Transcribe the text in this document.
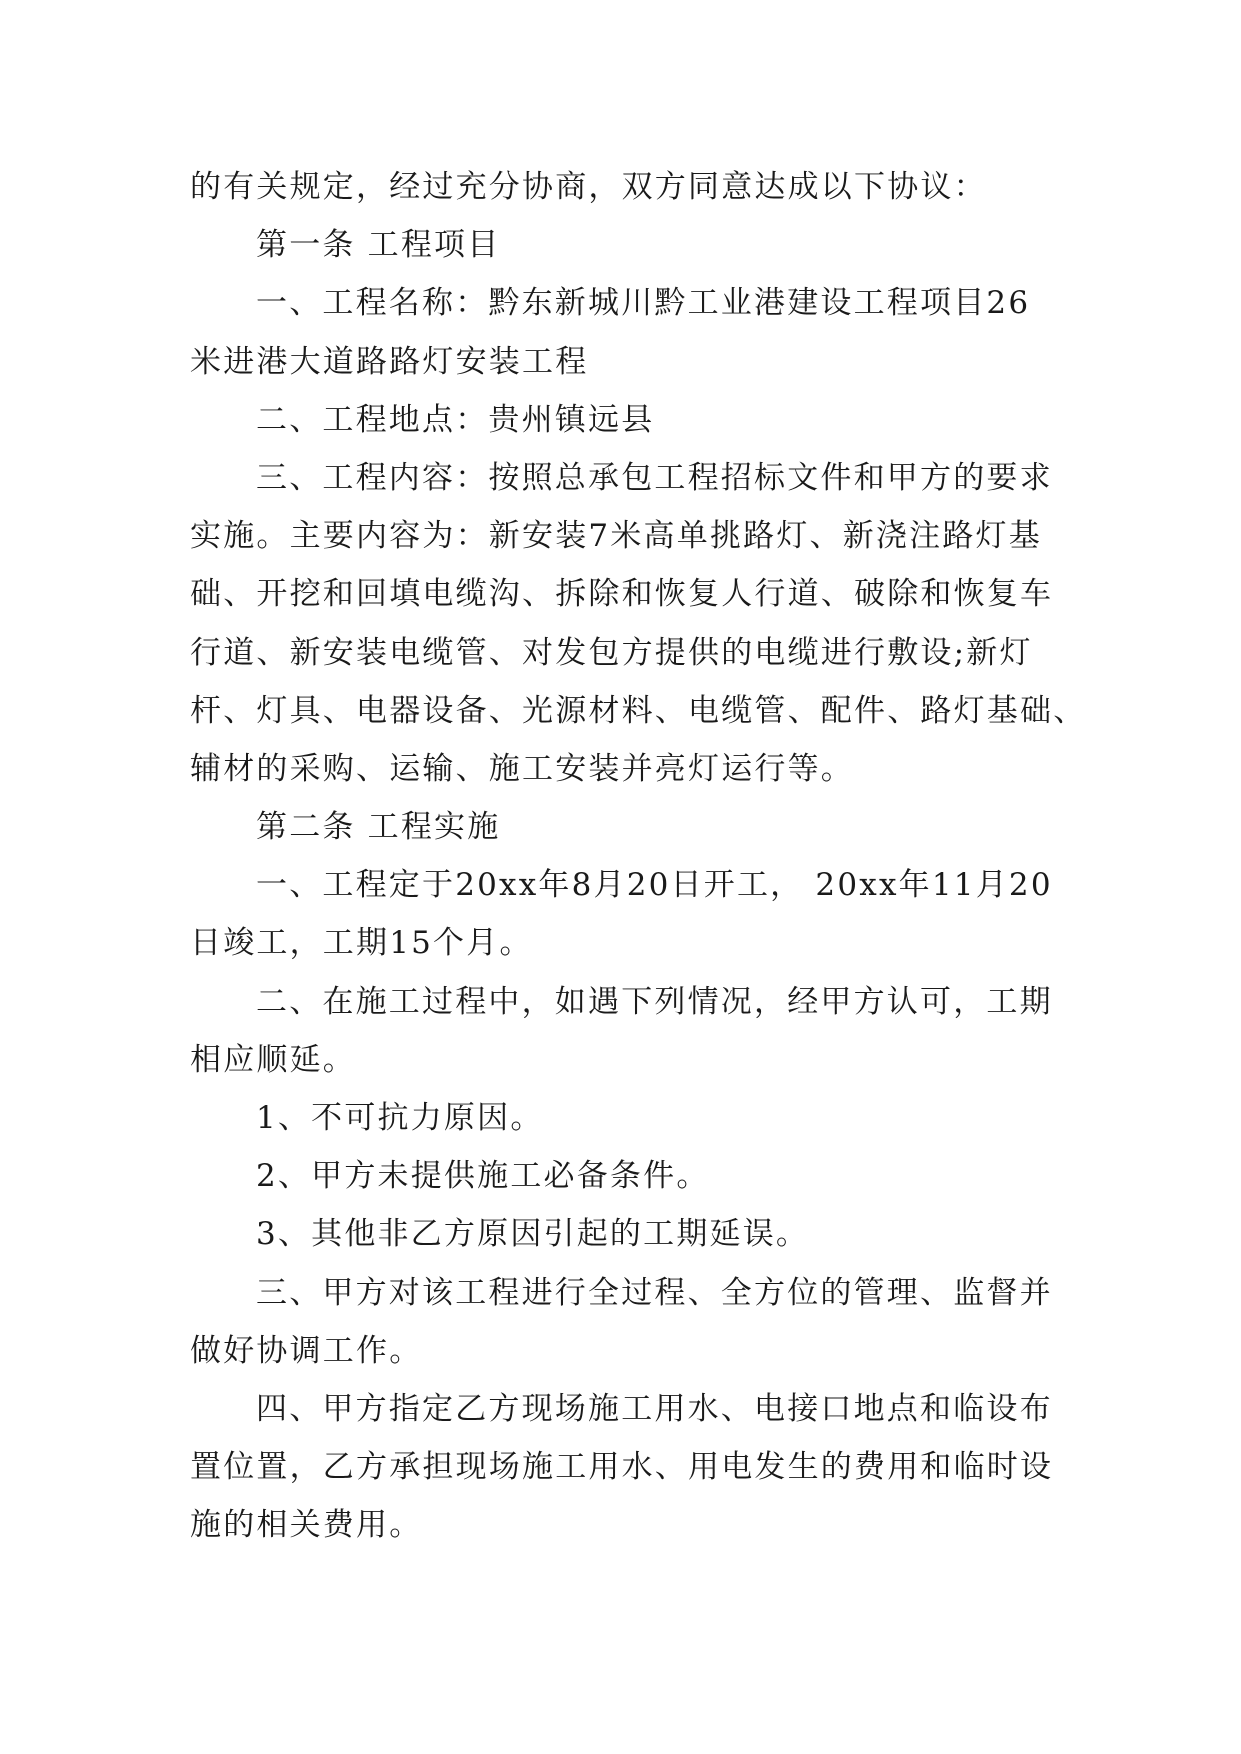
的有关规定，经过充分协商，双方同意达成以下协议：
第一条 工程项目
一、工程名称：黔东新城川黔工业港建设工程项目26
米进港大道路路灯安装工程
二、工程地点：贵州镇远县
三、工程内容：按照总承包工程招标文件和甲方的要求
实施。主要内容为：新安装7米高单挑路灯、新浇注路灯基
础、开挖和回填电缆沟、拆除和恢复人行道、破除和恢复车
行道、新安装电缆管、对发包方提供的电缆进行敷设;新灯
杆、灯具、电器设备、光源材料、电缆管、配件、路灯基础、
辅材的采购、运输、施工安装并亮灯运行等。
第二条 工程实施
一、工程定于20xx年8月20日开工， 20xx年11月20
日竣工，工期15个月。
二、在施工过程中，如遇下列情况，经甲方认可，工期
相应顺延。
1、不可抗力原因。
2、甲方未提供施工必备条件。
3、其他非乙方原因引起的工期延误。
三、甲方对该工程进行全过程、全方位的管理、监督并
做好协调工作。
四、甲方指定乙方现场施工用水、电接口地点和临设布
置位置，乙方承担现场施工用水、用电发生的费用和临时设
施的相关费用。
